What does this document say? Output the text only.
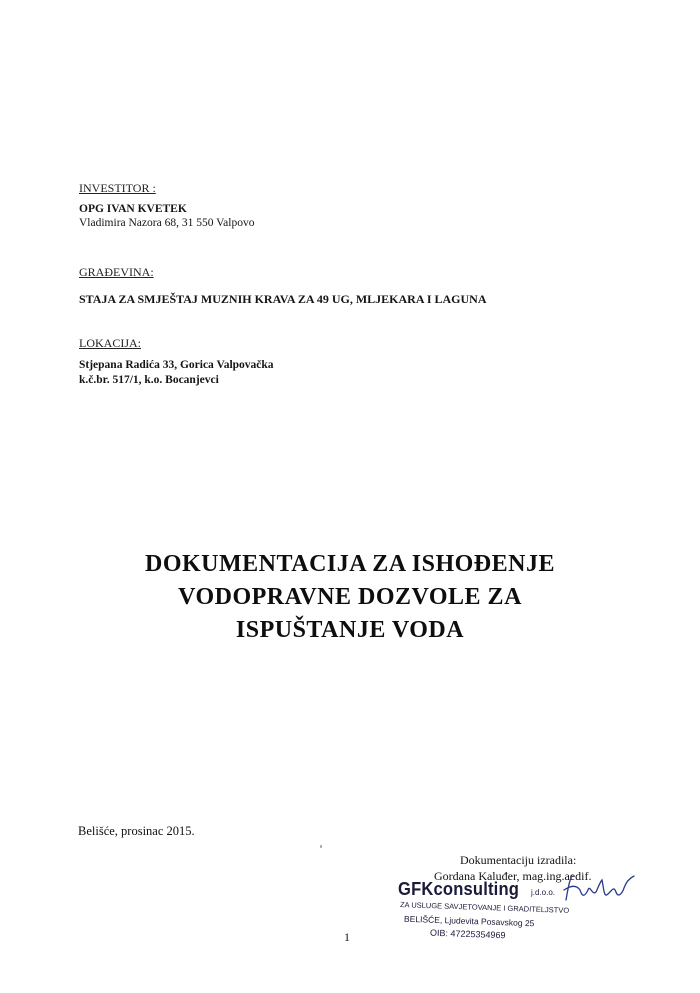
INVESTITOR :
OPG IVAN KVETEK
Vladimira Nazora 68, 31 550 Valpovo
GRAĐEVINA:
STAJA ZA SMJEŠTAJ MUZNIH KRAVA ZA 49 UG, MLJEKARA I LAGUNA
LOKACIJA:
Stjepana Radića 33, Gorica Valpovačka
k.č.br. 517/1, k.o. Bocanjevci
DOKUMENTACIJA ZA ISHOĐENJE
VODOPRAVNE DOZVOLE ZA
ISPUŠTANJE VODA
Belišće, prosinac 2015.
Dokumentaciju izradila:
Gordana Kaluđer, mag.ing.aedif.
GFKconsulting j.d.o.o.
ZA USLUGE SAVJETOVANJE I GRADITELJSTVO
BELIŠĆE, Ljudevita Posavskog 25
OIB: 47225354969
1
